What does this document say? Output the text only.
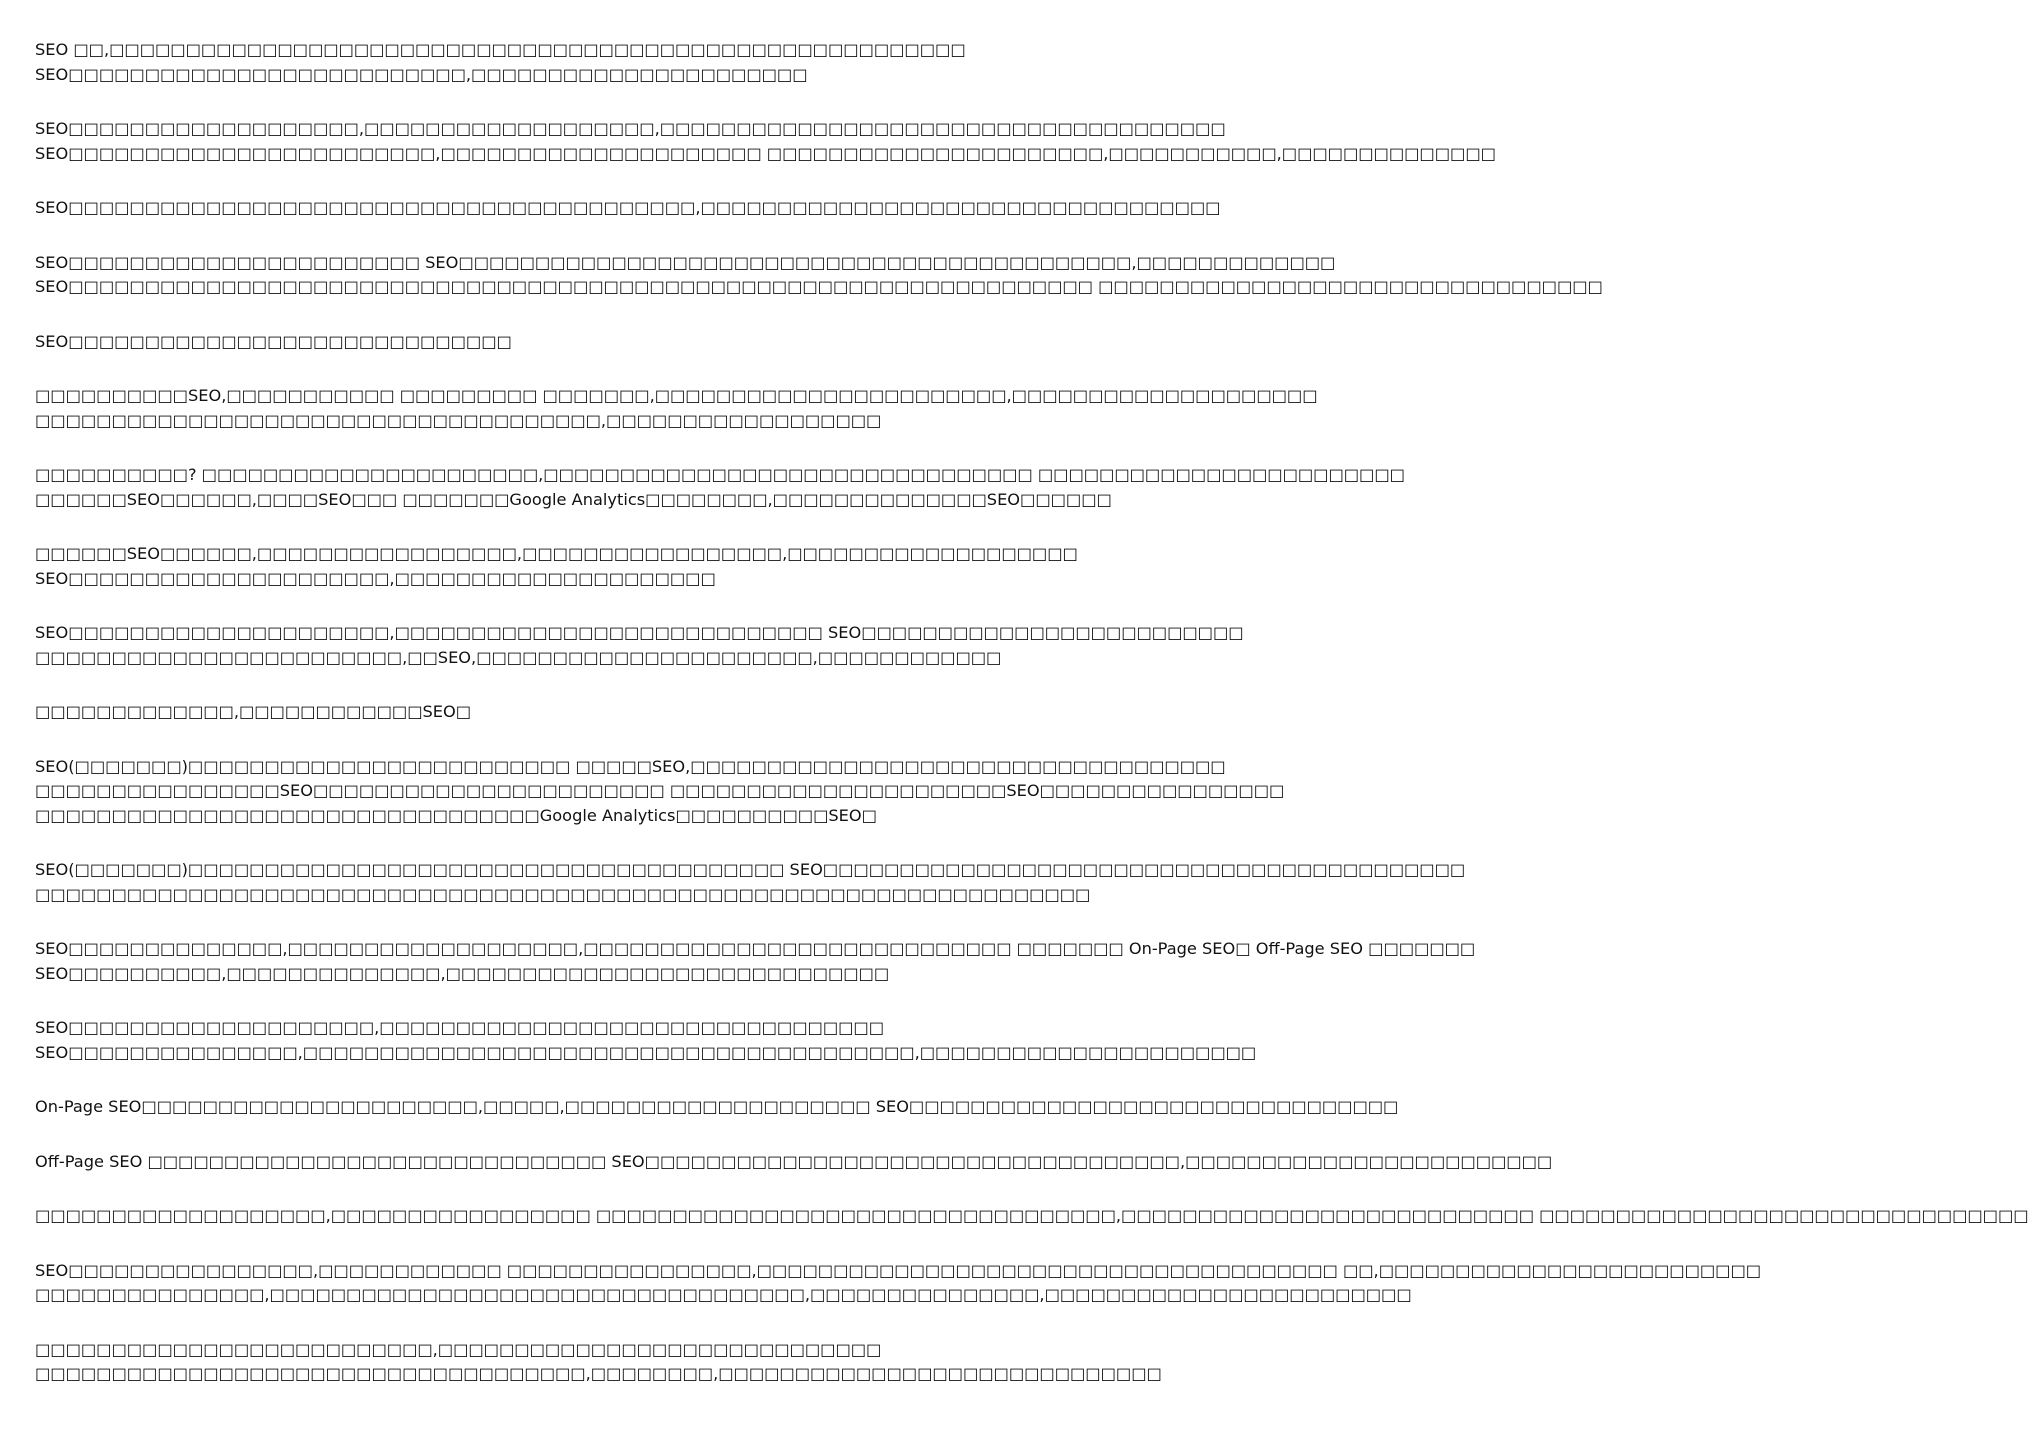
SEO □□,□□□□□□□□□□□□□□□□□□□□□□□□□□□□□□□□□□□□□□□□□□□□□□□□□□□□□□□□
SEO□□□□□□□□□□□□□□□□□□□□□□□□□□,□□□□□□□□□□□□□□□□□□□□□□

SEO□□□□□□□□□□□□□□□□□□□,□□□□□□□□□□□□□□□□□□□,□□□□□□□□□□□□□□□□□□□□□□□□□□□□□□□□□□□□□
SEO□□□□□□□□□□□□□□□□□□□□□□□□,□□□□□□□□□□□□□□□□□□□□□ □□□□□□□□□□□□□□□□□□□□□□,□□□□□□□□□□□,□□□□□□□□□□□□□□

SEO□□□□□□□□□□□□□□□□□□□□□□□□□□□□□□□□□□□□□□□□□,□□□□□□□□□□□□□□□□□□□□□□□□□□□□□□□□□□

SEO□□□□□□□□□□□□□□□□□□□□□□□ SEO□□□□□□□□□□□□□□□□□□□□□□□□□□□□□□□□□□□□□□□□□□□□,□□□□□□□□□□□□□
SEO□□□□□□□□□□□□□□□□□□□□□□□□□□□□□□□□□□□□□□□□□□□□□□□□□□□□□□□□□□□□□□□□□□□ □□□□□□□□□□□□□□□□□□□□□□□□□□□□□□□□□

SEO□□□□□□□□□□□□□□□□□□□□□□□□□□□□□

□□□□□□□□□□SEO,□□□□□□□□□□□ □□□□□□□□□ □□□□□□□,□□□□□□□□□□□□□□□□□□□□□□□,□□□□□□□□□□□□□□□□□□□□
□□□□□□□□□□□□□□□□□□□□□□□□□□□□□□□□□□□□□,□□□□□□□□□□□□□□□□□□

□□□□□□□□□□? □□□□□□□□□□□□□□□□□□□□□□,□□□□□□□□□□□□□□□□□□□□□□□□□□□□□□□□ □□□□□□□□□□□□□□□□□□□□□□□□
□□□□□□SEO□□□□□□,□□□□SEO□□□ □□□□□□□Google Analytics□□□□□□□□,□□□□□□□□□□□□□□SEO□□□□□□

□□□□□□SEO□□□□□□,□□□□□□□□□□□□□□□□□,□□□□□□□□□□□□□□□□□,□□□□□□□□□□□□□□□□□□□
SEO□□□□□□□□□□□□□□□□□□□□□,□□□□□□□□□□□□□□□□□□□□□

SEO□□□□□□□□□□□□□□□□□□□□□,□□□□□□□□□□□□□□□□□□□□□□□□□□□□ SEO□□□□□□□□□□□□□□□□□□□□□□□□□
□□□□□□□□□□□□□□□□□□□□□□□□,□□SEO,□□□□□□□□□□□□□□□□□□□□□□,□□□□□□□□□□□□

□□□□□□□□□□□□□,□□□□□□□□□□□□SEO□

SEO(□□□□□□□)□□□□□□□□□□□□□□□□□□□□□□□□□ □□□□□SEO,□□□□□□□□□□□□□□□□□□□□□□□□□□□□□□□□□□□
□□□□□□□□□□□□□□□□SEO□□□□□□□□□□□□□□□□□□□□□□□ □□□□□□□□□□□□□□□□□□□□□□SEO□□□□□□□□□□□□□□□□
□□□□□□□□□□□□□□□□□□□□□□□□□□□□□□□□□Google Analytics□□□□□□□□□□SEO□

SEO(□□□□□□□)□□□□□□□□□□□□□□□□□□□□□□□□□□□□□□□□□□□□□□□ SEO□□□□□□□□□□□□□□□□□□□□□□□□□□□□□□□□□□□□□□□□□□
□□□□□□□□□□□□□□□□□□□□□□□□□□□□□□□□□□□□□□□□□□□□□□□□□□□□□□□□□□□□□□□□□□□□□

SEO□□□□□□□□□□□□□□,□□□□□□□□□□□□□□□□□□□,□□□□□□□□□□□□□□□□□□□□□□□□□□□□ □□□□□□□ On-Page SEO□ Off-Page SEO □□□□□□□
SEO□□□□□□□□□□,□□□□□□□□□□□□□□,□□□□□□□□□□□□□□□□□□□□□□□□□□□□□

SEO□□□□□□□□□□□□□□□□□□□□,□□□□□□□□□□□□□□□□□□□□□□□□□□□□□□□□□
SEO□□□□□□□□□□□□□□□,□□□□□□□□□□□□□□□□□□□□□□□□□□□□□□□□□□□□□□□□,□□□□□□□□□□□□□□□□□□□□□□

On-Page SEO□□□□□□□□□□□□□□□□□□□□□□,□□□□□,□□□□□□□□□□□□□□□□□□□□ SEO□□□□□□□□□□□□□□□□□□□□□□□□□□□□□□□□

Off-Page SEO □□□□□□□□□□□□□□□□□□□□□□□□□□□□□□ SEO□□□□□□□□□□□□□□□□□□□□□□□□□□□□□□□□□□□,□□□□□□□□□□□□□□□□□□□□□□□□

□□□□□□□□□□□□□□□□□□□,□□□□□□□□□□□□□□□□□ □□□□□□□□□□□□□□□□□□□□□□□□□□□□□□□□□□,□□□□□□□□□□□□□□□□□□□□□□□□□□□ □□□□□□□□□□□□□□□□□□□□□□□□□□□□□□□□

SEO□□□□□□□□□□□□□□□□,□□□□□□□□□□□□ □□□□□□□□□□□□□□□□,□□□□□□□□□□□□□□□□□□□□□□□□□□□□□□□□□□□□□□ □□,□□□□□□□□□□□□□□□□□□□□□□□□□
□□□□□□□□□□□□□□□,□□□□□□□□□□□□□□□□□□□□□□□□□□□□□□□□□□□,□□□□□□□□□□□□□□□,□□□□□□□□□□□□□□□□□□□□□□□□

□□□□□□□□□□□□□□□□□□□□□□□□□□,□□□□□□□□□□□□□□□□□□□□□□□□□□□□□
□□□□□□□□□□□□□□□□□□□□□□□□□□□□□□□□□□□□,□□□□□□□□,□□□□□□□□□□□□□□□□□□□□□□□□□□□□□
